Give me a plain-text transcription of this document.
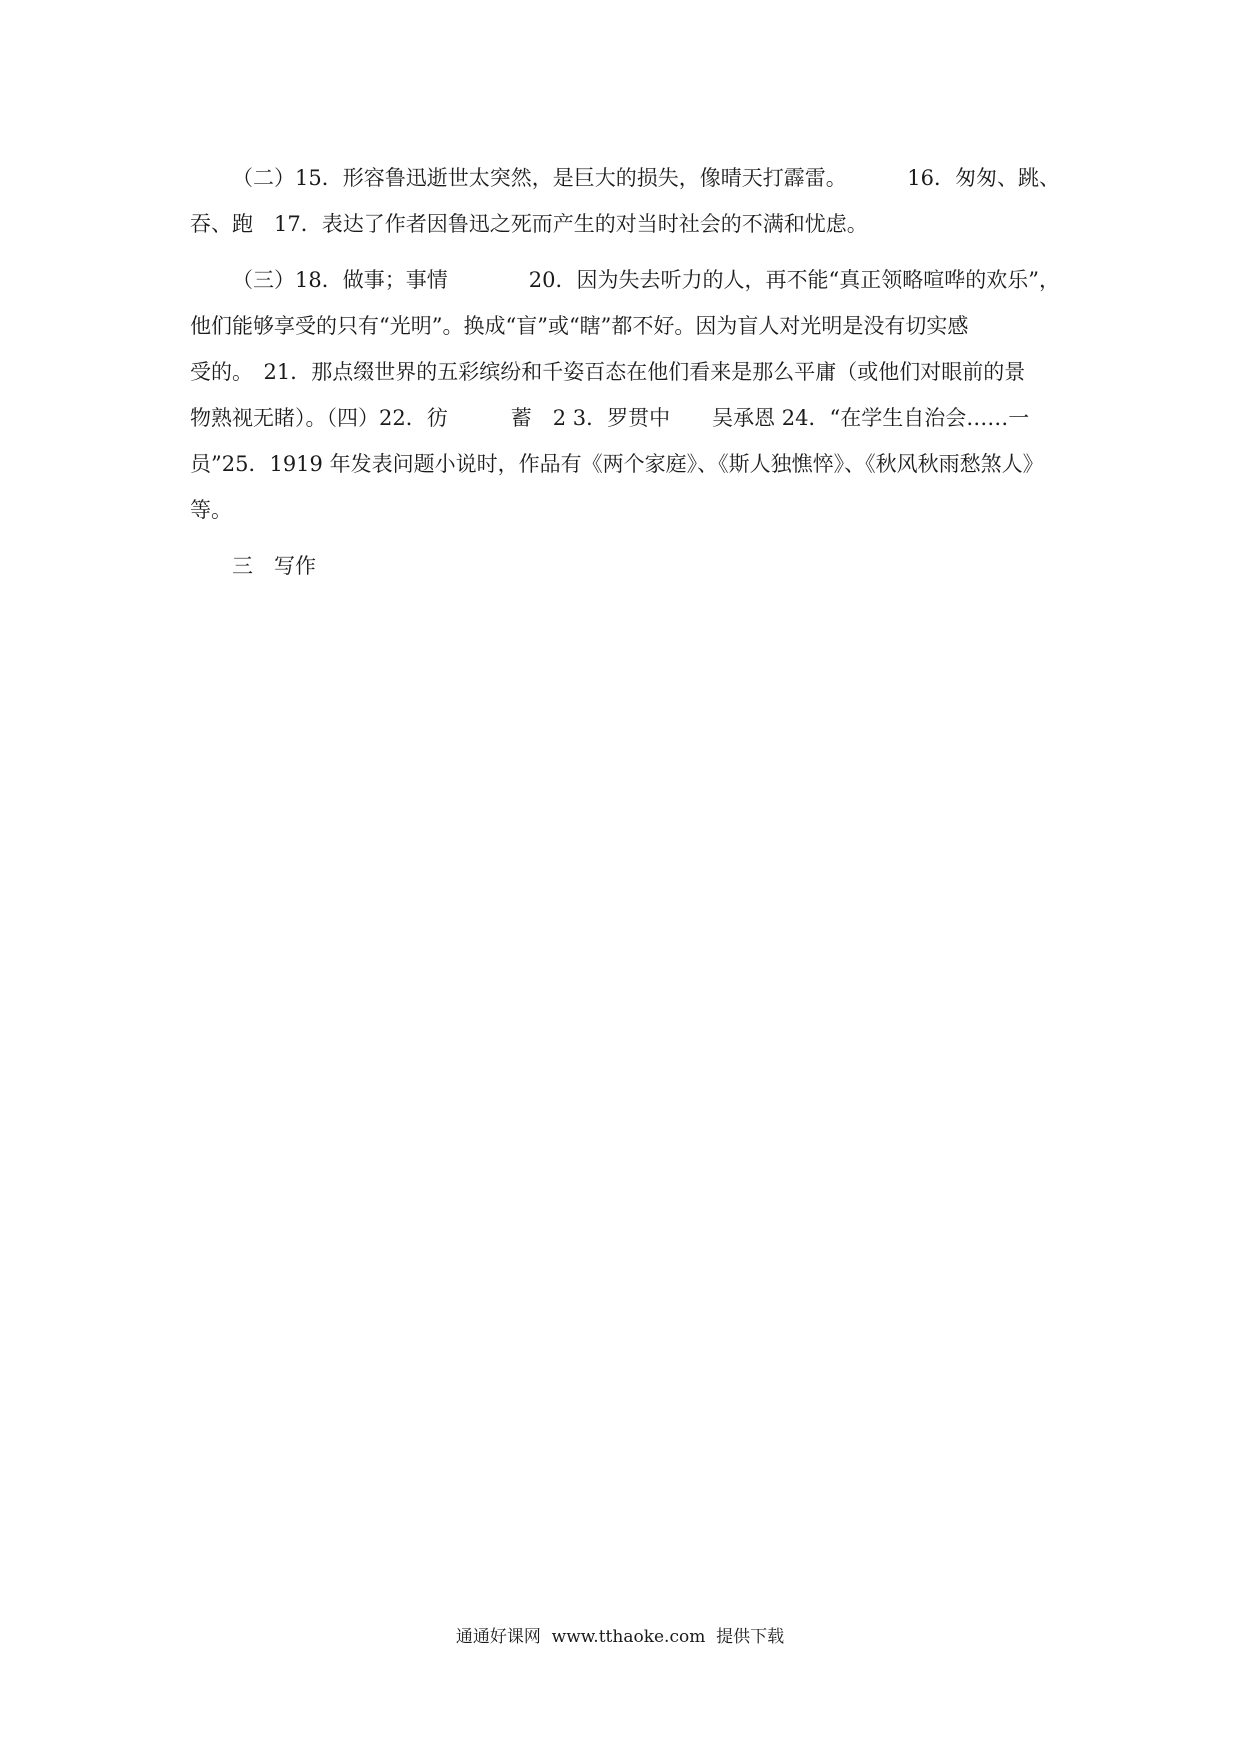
（二）15．形容鲁迅逝世太突然，是巨大的损失，像晴天打霹雷。	16．匆匆、跳、
吞、跑　17．表达了作者因鲁迅之死而产生的对当时社会的不满和忧虑。
（三）18．做事；事情	20．因为失去听力的人，再不能“真正领略喧哗的欢乐”，
他们能够享受的只有“光明”。换成“盲”或“瞎”都不好。因为盲人对光明是没有切实感
受的。　21．那点缀世界的五彩缤纷和千姿百态在他们看来是那么平庸（或他们对眼前的景
物熟视无睹）。（四）22．彷　　　蓄　2 3．罗贯中　　吴承恩 24．“在学生自治会……一
员”25．1919 年发表问题小说时，作品有《两个家庭》、《斯人独憔悴》、《秋风秋雨愁煞人》
等。
三　写作
通通好课网  www.tthaoke.com  提供下载
